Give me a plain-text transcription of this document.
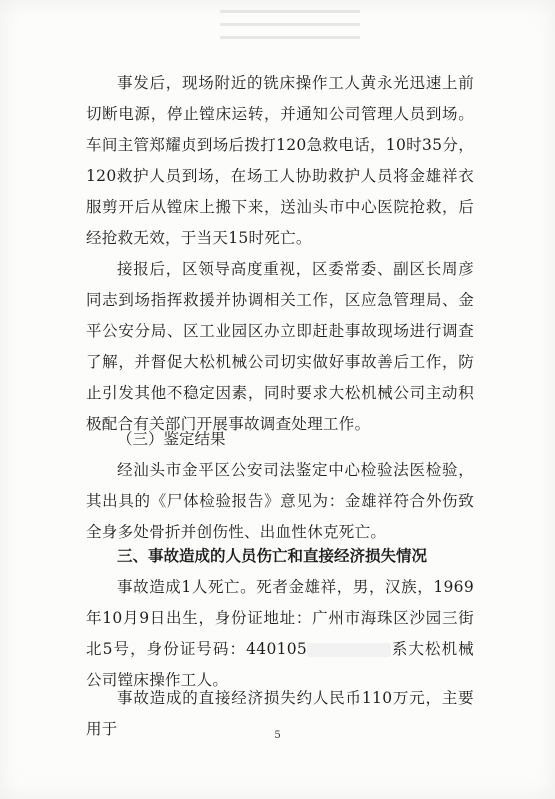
事发后，现场附近的铣床操作工人黄永光迅速上前切断电源，停止镗床运转，并通知公司管理人员到场。车间主管郑耀贞到场后拨打120急救电话，10时35分，120救护人员到场，在场工人协助救护人员将金雄祥衣服剪开后从镗床上搬下来，送汕头市中心医院抢救，后经抢救无效，于当天15时死亡。

接报后，区领导高度重视，区委常委、副区长周彦同志到场指挥救援并协调相关工作，区应急管理局、金平公安分局、区工业园区办立即赶赴事故现场进行调查了解，并督促大松机械公司切实做好事故善后工作，防止引发其他不稳定因素，同时要求大松机械公司主动积极配合有关部门开展事故调查处理工作。

（三）鉴定结果

经汕头市金平区公安司法鉴定中心检验法医检验，其出具的《尸体检验报告》意见为：金雄祥符合外伤致全身多处骨折并创伤性、出血性休克死亡。

三、事故造成的人员伤亡和直接经济损失情况

事故造成1人死亡。死者金雄祥，男，汉族，1969年10月9日出生，身份证地址：广州市海珠区沙园三街北5号，身份证号码：440105	系大松机械公司镗床操作工人。

事故造成的直接经济损失约人民币110万元，主要用于	5
